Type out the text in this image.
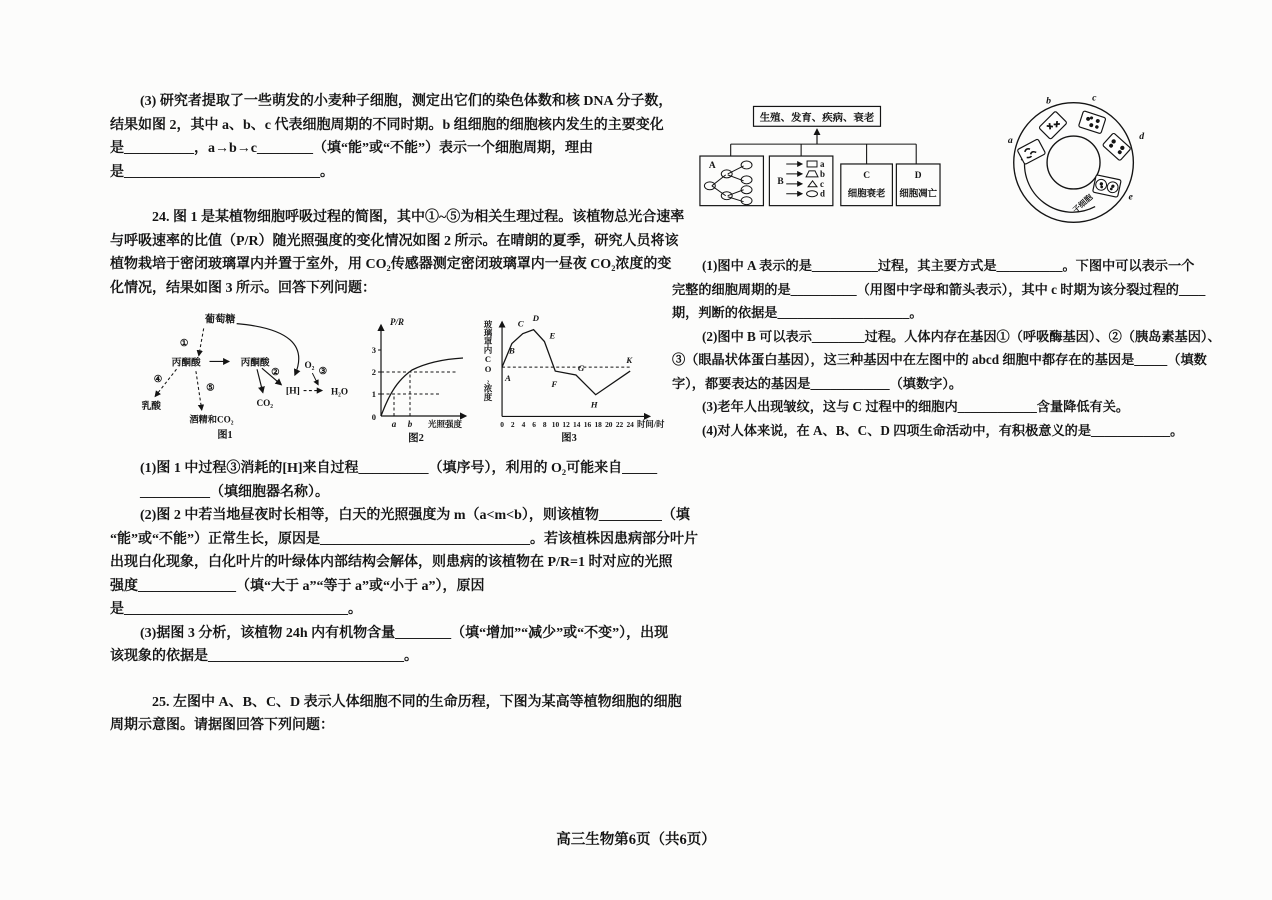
(3) 研究者提取了一些萌发的小麦种子细胞，测定出它们的染色体数和核 DNA 分子数，
结果如图 2，其中 a、b、c 代表细胞周期的不同时期。b 组细胞的细胞核内发生的主要变化
是__________，a→b→c________（填“能”或“不能”）表示一个细胞周期，理由
是____________________________。
24. 图 1 是某植物细胞呼吸过程的简图，其中①~⑤为相关生理过程。该植物总光合速率
与呼吸速率的比值（P/R）随光照强度的变化情况如图 2 所示。在晴朗的夏季，研究人员将该
植物栽培于密闭玻璃罩内并置于室外，用 CO₂传感器测定密闭玻璃罩内一昼夜 CO₂浓度的变
化情况，结果如图 3 所示。回答下列问题：
葡萄糖
①
丙酮酸	丙酮酸
②
[H]
CO₂
O₂
③
H₂O
④
乳酸
⑤
酒精和CO₂
图1
P/R
0
1
2
3
a b 光照强度
图2
玻璃罩内CO₂浓度 A
B
C
D
E
F
G
H
K
0 2 4 6 8 10 12 14 16 18 20 22 24 时间/时
图3
(1)图 1 中过程③消耗的[H]来自过程__________（填序号），利用的 O₂可能来自_____
__________（填细胞器名称）。
(2)图 2 中若当地昼夜时长相等，白天的光照强度为 m（a<m<b），则该植物_________（填
“能”或“不能”）正常生长，原因是______________________________。若该植株因患病部分叶片
出现白化现象，白化叶片的叶绿体内部结构会解体，则患病的该植物在 P/R=1 时对应的光照
强度______________（填“大于 a”“等于 a”或“小于 a”），原因
是________________________________。
(3)据图 3 分析，该植物 24h 内有机物含量________（填“增加”“减少”或“不变”），出现
该现象的依据是____________________________。
25. 左图中 A、B、C、D 表示人体细胞不同的生命历程，下图为某高等植物细胞的细胞
周期示意图。请据图回答下列问题：
生殖、发育、疾病、衰老
A
B
a
b
c
d
C
细胞衰老
D
细胞凋亡
a
b	c
d
e
子细胞
(1)图中 A 表示的是__________过程，其主要方式是__________。下图中可以表示一个
完整的细胞周期的是__________（用图中字母和箭头表示），其中 c 时期为该分裂过程的____
期，判断的依据是____________________。
(2)图中 B 可以表示________过程。人体内存在基因①（呼吸酶基因）、②（胰岛素基因）、
③（眼晶状体蛋白基因），这三种基因中在左图中的 abcd 细胞中都存在的基因是_____（填数
字），都要表达的基因是____________（填数字）。
(3)老年人出现皱纹，这与 C 过程中的细胞内____________含量降低有关。
(4)对人体来说，在 A、B、C、D 四项生命活动中，有积极意义的是____________。
高三生物第6页（共6页）
